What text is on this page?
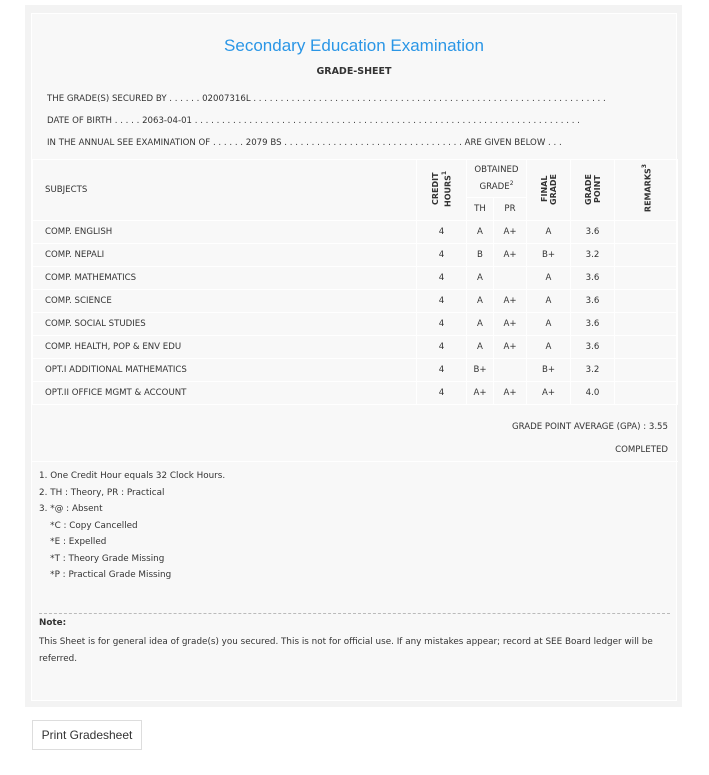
Secondary Education Examination
GRADE-SHEET
THE GRADE(S) SECURED BY . . . . . . 02007316L . . . . . . . . . . . . . . . . . . . . . . . . . . . . . . . . . . . . . . . . . . . . . . . . . . . . . . . . . . . . . . . . .
DATE OF BIRTH . . . . . 2063-04-01 . . . . . . . . . . . . . . . . . . . . . . . . . . . . . . . . . . . . . . . . . . . . . . . . . . . . . . . . . . . . . . . . . . . . . . .
IN THE ANNUAL SEE EXAMINATION OF . . . . . . 2079 BS . . . . . . . . . . . . . . . . . . . . . . . . . . . . . . . . . ARE GIVEN BELOW . . .
SUBJECTS	CREDIT HOURS$^1$	OBTAINED GRADE$^2$		FINAL GRADE	GRADE POINT	REMARKS$^3$
		TH	PR			
COMP. ENGLISH	4	A	A+	A	3.6	
COMP. NEPALI	4	B	A+	B+	3.2	
COMP. MATHEMATICS	4	A		A	3.6	
COMP. SCIENCE	4	A	A+	A	3.6	
COMP. SOCIAL STUDIES	4	A	A+	A	3.6	
COMP. HEALTH, POP & ENV EDU	4	A	A+	A	3.6	
OPT.I ADDITIONAL MATHEMATICS	4	B+		B+	3.2	
OPT.II OFFICE MGMT & ACCOUNT	4	A+	A+	A+	4.0	
GRADE POINT AVERAGE (GPA) : 3.55
COMPLETED
1. One Credit Hour equals 32 Clock Hours.
2. TH : Theory, PR : Practical
3. *@ : Absent
*C : Copy Cancelled
*E : Expelled
*T : Theory Grade Missing
*P : Practical Grade Missing
Note:
This Sheet is for general idea of grade(s) you secured. This is not for official use. If any mistakes appear; record at SEE Board ledger will be referred.
Print Gradesheet
